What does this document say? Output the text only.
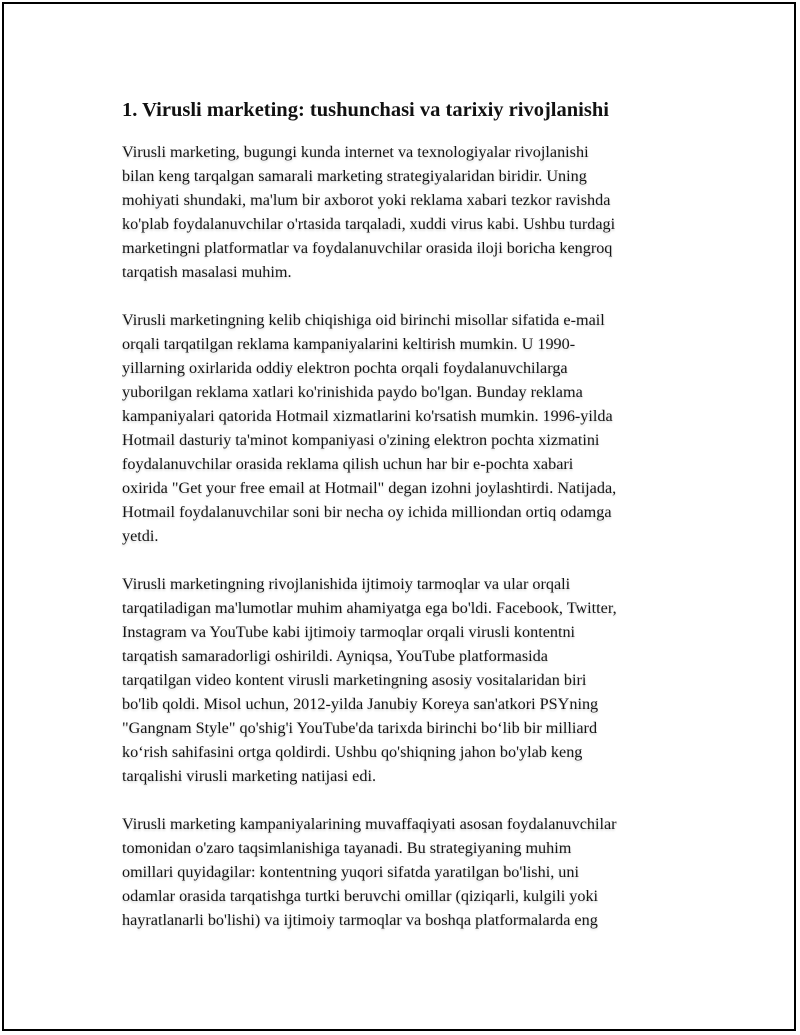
1. Virusli marketing: tushunchasi va tarixiy rivojlanishi

Virusli marketing, bugungi kunda internet va texnologiyalar rivojlanishi
bilan keng tarqalgan samarali marketing strategiyalaridan biridir. Uning
mohiyati shundaki, ma'lum bir axborot yoki reklama xabari tezkor ravishda
ko'plab foydalanuvchilar o'rtasida tarqaladi, xuddi virus kabi. Ushbu turdagi
marketingni platformatlar va foydalanuvchilar orasida iloji boricha kengroq
tarqatish masalasi muhim.

Virusli marketingning kelib chiqishiga oid birinchi misollar sifatida e-mail
orqali tarqatilgan reklama kampaniyalarini keltirish mumkin. U 1990-
yillarning oxirlarida oddiy elektron pochta orqali foydalanuvchilarga
yuborilgan reklama xatlari ko'rinishida paydo bo'lgan. Bunday reklama
kampaniyalari qatorida Hotmail xizmatlarini ko'rsatish mumkin. 1996-yilda
Hotmail dasturiy ta'minot kompaniyasi o'zining elektron pochta xizmatini
foydalanuvchilar orasida reklama qilish uchun har bir e-pochta xabari
oxirida "Get your free email at Hotmail" degan izohni joylashtirdi. Natijada,
Hotmail foydalanuvchilar soni bir necha oy ichida milliondan ortiq odamga
yetdi.

Virusli marketingning rivojlanishida ijtimoiy tarmoqlar va ular orqali
tarqatiladigan ma'lumotlar muhim ahamiyatga ega bo'ldi. Facebook, Twitter,
Instagram va YouTube kabi ijtimoiy tarmoqlar orqali virusli kontentni
tarqatish samaradorligi oshirildi. Ayniqsa, YouTube platformasida
tarqatilgan video kontent virusli marketingning asosiy vositalaridan biri
bo'lib qoldi. Misol uchun, 2012-yilda Janubiy Koreya san'atkori PSYning
"Gangnam Style" qo'shig'i YouTube'da tarixda birinchi bo‘lib bir milliard
ko‘rish sahifasini ortga qoldirdi. Ushbu qo'shiqning jahon bo'ylab keng
tarqalishi virusli marketing natijasi edi.

Virusli marketing kampaniyalarining muvaffaqiyati asosan foydalanuvchilar
tomonidan o'zaro taqsimlanishiga tayanadi. Bu strategiyaning muhim
omillari quyidagilar: kontentning yuqori sifatda yaratilgan bo'lishi, uni
odamlar orasida tarqatishga turtki beruvchi omillar (qiziqarli, kulgili yoki
hayratlanarli bo'lishi) va ijtimoiy tarmoqlar va boshqa platformalarda eng
